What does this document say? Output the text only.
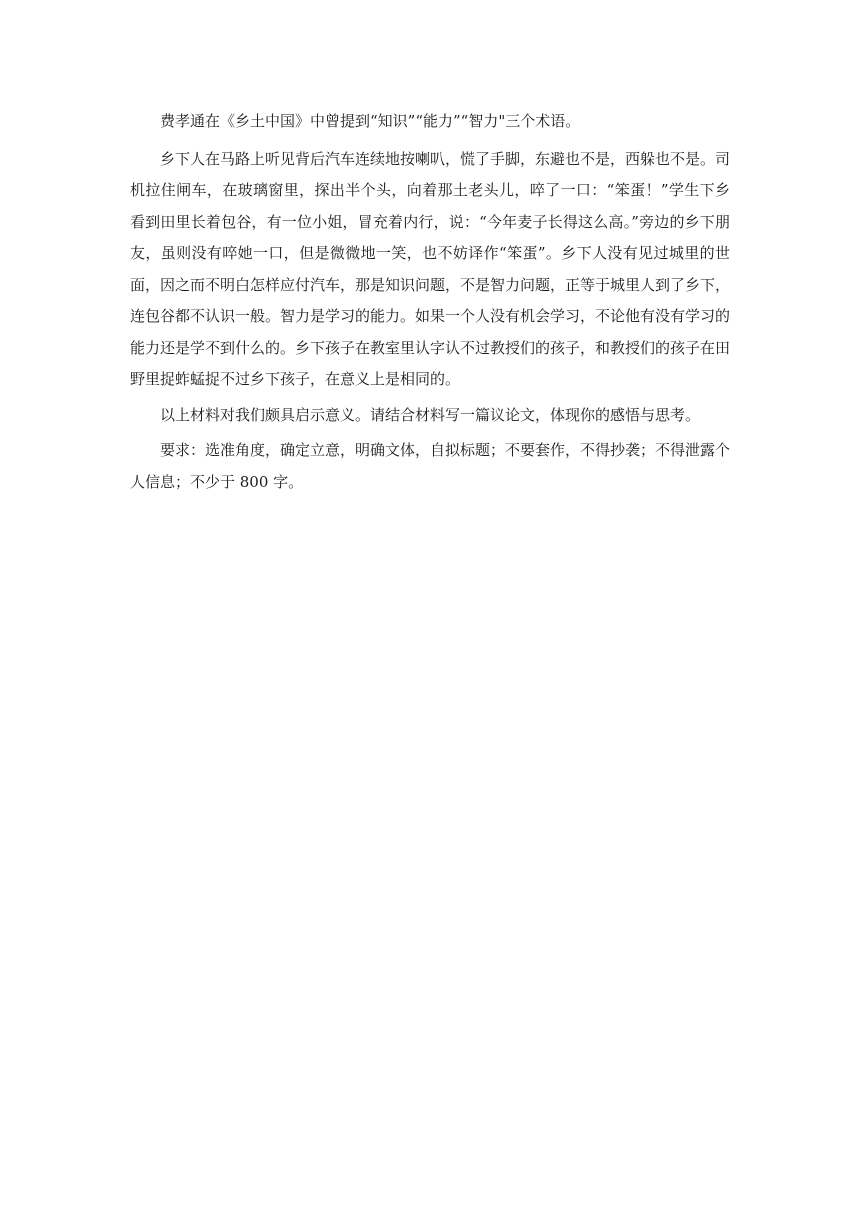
费孝通在《乡土中国》中曾提到“知识”“能力”“智力"三个术语。

乡下人在马路上听见背后汽车连续地按喇叭，慌了手脚，东避也不是，西躲也不是。司机拉住闸车，在玻璃窗里，探出半个头，向着那土老头儿，啐了一口：“笨蛋！”学生下乡看到田里长着包谷，有一位小姐，冒充着内行，说：“今年麦子长得这么高。”旁边的乡下朋友，虽则没有啐她一口，但是微微地一笑，也不妨译作“笨蛋”。乡下人没有见过城里的世面，因之而不明白怎样应付汽车，那是知识问题，不是智力问题，正等于城里人到了乡下，连包谷都不认识一般。智力是学习的能力。如果一个人没有机会学习，不论他有没有学习的能力还是学不到什么的。乡下孩子在教室里认字认不过教授们的孩子，和教授们的孩子在田野里捉蚱蜢捉不过乡下孩子，在意义上是相同的。

以上材料对我们颇具启示意义。请结合材料写一篇议论文，体现你的感悟与思考。

要求：选准角度，确定立意，明确文体，自拟标题；不要套作，不得抄袭；不得泄露个人信息；不少于 800 字。
